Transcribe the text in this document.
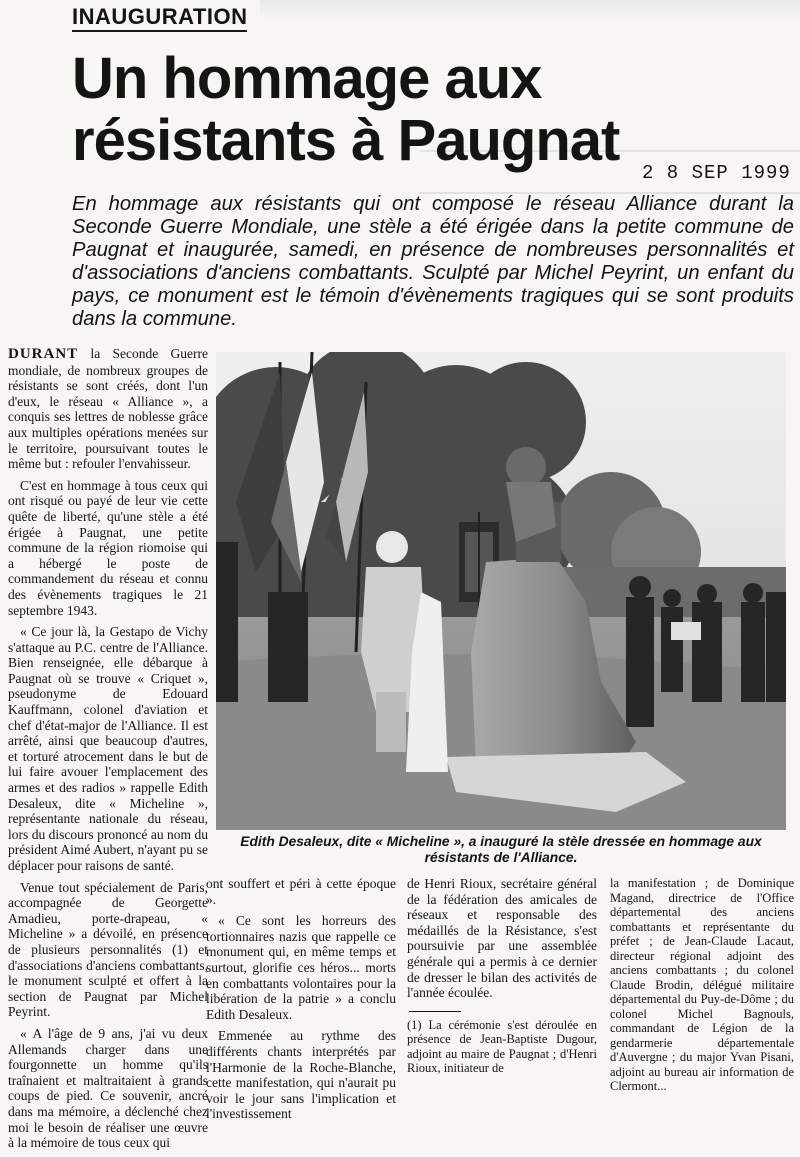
INAUGURATION
Un hommage aux résistants à Paugnat	2 8 SEP 1999

En hommage aux résistants qui ont composé le réseau Alliance durant la Seconde Guerre Mondiale, une stèle a été érigée dans la petite commune de Paugnat et inaugurée, samedi, en présence de nombreuses personnalités et d'associations d'anciens combattants. Sculpté par Michel Peyrint, un enfant du pays, ce monument est le témoin d'évènements tragiques qui se sont produits dans la commune.

DURANT la Seconde Guerre mondiale, de nombreux groupes de résistants se sont créés, dont l'un d'eux, le réseau « Alliance », a conquis ses lettres de noblesse grâce aux multiples opérations menées sur le territoire, poursuivant toutes le même but : refouler l'envahisseur.

C'est en hommage à tous ceux qui ont risqué ou payé de leur vie cette quête de liberté, qu'une stèle a été érigée à Paugnat, une petite commune de la région riomoise qui a hébergé le poste de commandement du réseau et connu des évènements tragiques le 21 septembre 1943.

« Ce jour là, la Gestapo de Vichy s'attaque au P.C. centre de l'Alliance. Bien renseignée, elle débarque à Paugnat où se trouve « Criquet », pseudonyme de Edouard Kauffmann, colonel d'aviation et chef d'état-major de l'Alliance. Il est arrêté, ainsi que beaucoup d'autres, et torturé atrocement dans le but de lui faire avouer l'emplacement des armes et des radios » rappelle Edith Desaleux, dite « Micheline », représentante nationale du réseau, lors du discours prononcé au nom du président Aimé Aubert, n'ayant pu se déplacer pour raisons de santé.

Venue tout spécialement de Paris, accompagnée de Georgette Amadieu, porte-drapeau, « Micheline » a dévoilé, en présence de plusieurs personnalités (1) et d'associations d'anciens combattants, le monument sculpté et offert à la section de Paugnat par Michel Peyrint.

« A l'âge de 9 ans, j'ai vu deux Allemands charger dans une fourgonnette un homme qu'ils traînaient et maltraitaient à grands coups de pied. Ce souvenir, ancré dans ma mémoire, a déclenché chez moi le besoin de réaliser une œuvre à la mémoire de tous ceux qui

Edith Desaleux, dite « Micheline », a inauguré la stèle dressée en hommage aux résistants de l'Alliance.

ont souffert et péri à cette époque ».

« Ce sont les horreurs des tortionnaires nazis que rappelle ce monument qui, en même temps et surtout, glorifie ces héros... morts en combattants volontaires pour la libération de la patrie » a conclu Edith Desaleux.

Emmenée au rythme des différents chants interprétés par l'Harmonie de la Roche-Blanche, cette manifestation, qui n'aurait pu voir le jour sans l'implication et l'investissement

de Henri Rioux, secrétaire général de la fédération des amicales de réseaux et responsable des médaillés de la Résistance, s'est poursuivie par une assemblée générale qui a permis à ce dernier de dresser le bilan des activités de l'année écoulée.

(1) La cérémonie s'est déroulée en présence de Jean-Baptiste Dugour, adjoint au maire de Paugnat ; d'Henri Rioux, initiateur de

la manifestation ; de Dominique Magand, directrice de l'Office départemental des anciens combattants et représentante du préfet ; de Jean-Claude Lacaut, directeur régional adjoint des anciens combattants ; du colonel Claude Brodin, délégué militaire départemental du Puy-de-Dôme ; du colonel Michel Bagnouls, commandant de Légion de la gendarmerie départementale d'Auvergne ; du major Yvan Pisani, adjoint au bureau air information de Clermont...
